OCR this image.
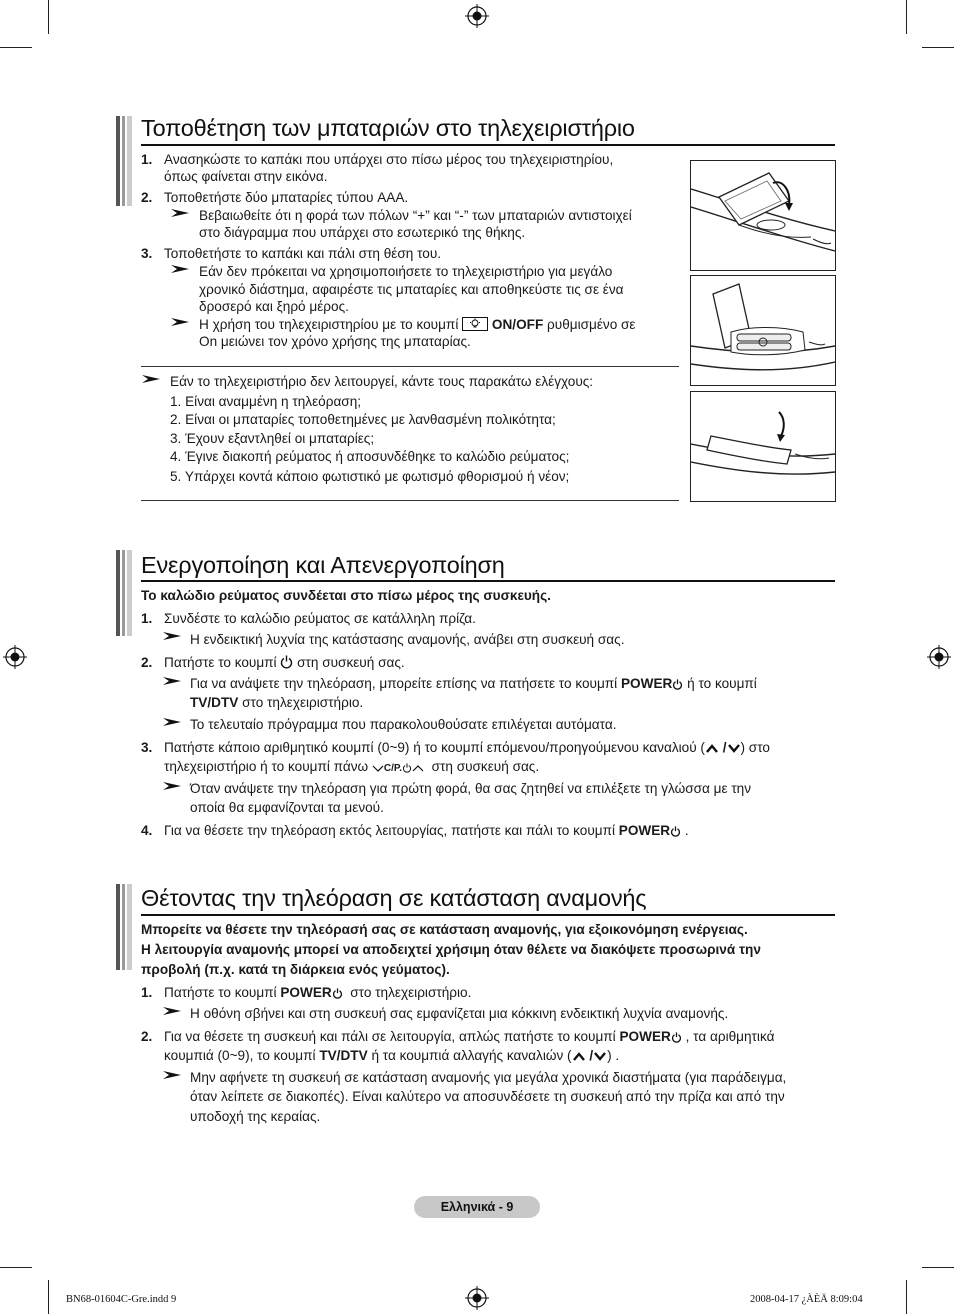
Τοποθέτηση των μπαταριών στο τηλεχειριστήριο
1. Ανασηκώστε το καπάκι που υπάρχει στο πίσω μέρος του τηλεχειριστηρίου,
όπως φαίνεται στην εικόνα.
2. Τοποθετήστε δύο μπαταρίες τύπου AAA.
Βεβαιωθείτε ότι η φορά των πόλων “+” και “-” των μπαταριών αντιστοιχεί
στο διάγραμμα που υπάρχει στο εσωτερικό της θήκης.
3. Τοποθετήστε το καπάκι και πάλι στη θέση του.
Εάν δεν πρόκειται να χρησιμοποιήσετε το τηλεχειριστήριο για μεγάλο
χρονικό διάστημα, αφαιρέστε τις μπαταρίες και αποθηκεύστε τις σε ένα
δροσερό και ξηρό μέρος.
Η χρήση του τηλεχειριστηρίου με το κουμπί ON/OFF ρυθμισμένο σε
On μειώνει τον χρόνο χρήσης της μπαταρίας.
Εάν το τηλεχειριστήριο δεν λειτουργεί, κάντε τους παρακάτω ελέγχους:
1. Είναι αναμμένη η τηλεόραση;
2. Είναι οι μπαταρίες τοποθετημένες με λανθασμένη πολικότητα;
3. Έχουν εξαντληθεί οι μπαταρίες;
4. Έγινε διακοπή ρεύματος ή αποσυνδέθηκε το καλώδιο ρεύματος;
5. Υπάρχει κοντά κάποιο φωτιστικό με φωτισμό φθορισμού ή νέον;
Ενεργοποίηση και Απενεργοποίηση
Το καλώδιο ρεύματος συνδέεται στο πίσω μέρος της συσκευής.
1. Συνδέστε το καλώδιο ρεύματος σε κατάλληλη πρίζα.
Η ενδεικτική λυχνία της κατάστασης αναμονής, ανάβει στη συσκευή σας.
2. Πατήστε το κουμπί στη συσκευή σας.
Για να ανάψετε την τηλεόραση, μπορείτε επίσης να πατήσετε το κουμπί POWER ή το κουμπί
TV/DTV στο τηλεχειριστήριο.
Το τελευταίο πρόγραμμα που παρακολουθούσατε επιλέγεται αυτόματα.
3. Πατήστε κάποιο αριθμητικό κουμπί (0~9) ή το κουμπί επόμενου/προηγούμενου καναλιού ( / ) στο
τηλεχειριστήριο ή το κουμπί πάνω C/P. στη συσκευή σας.
Όταν ανάψετε την τηλεόραση για πρώτη φορά, θα σας ζητηθεί να επιλέξετε τη γλώσσα με την
οποία θα εμφανίζονται τα μενού.
4. Για να θέσετε την τηλεόραση εκτός λειτουργίας, πατήστε και πάλι το κουμπί POWER .
Θέτοντας την τηλεόραση σε κατάσταση αναμονής
Μπορείτε να θέσετε την τηλεόρασή σας σε κατάσταση αναμονής, για εξοικονόμηση ενέργειας.
Η λειτουργία αναμονής μπορεί να αποδειχτεί χρήσιμη όταν θέλετε να διακόψετε προσωρινά την
προβολή (π.χ. κατά τη διάρκεια ενός γεύματος).
1. Πατήστε το κουμπί POWER στο τηλεχειριστήριο.
Η οθόνη σβήνει και στη συσκευή σας εμφανίζεται μια κόκκινη ενδεικτική λυχνία αναμονής.
2. Για να θέσετε τη συσκευή και πάλι σε λειτουργία, απλώς πατήστε το κουμπί POWER , τα αριθμητικά
κουμπιά (0~9), το κουμπί TV/DTV ή τα κουμπιά αλλαγής καναλιών ( / ) .
Μην αφήνετε τη συσκευή σε κατάσταση αναμονής για μεγάλα χρονικά διαστήματα (για παράδειγμα,
όταν λείπετε σε διακοπές). Είναι καλύτερο να αποσυνδέσετε τη συσκευή από την πρίζα και από την
υποδοχή της κεραίας.
Ελληνικά - 9
BN68-01604C-Gre.indd 9	2008-04-17 ¿ÀÈÄ 8:09:04
